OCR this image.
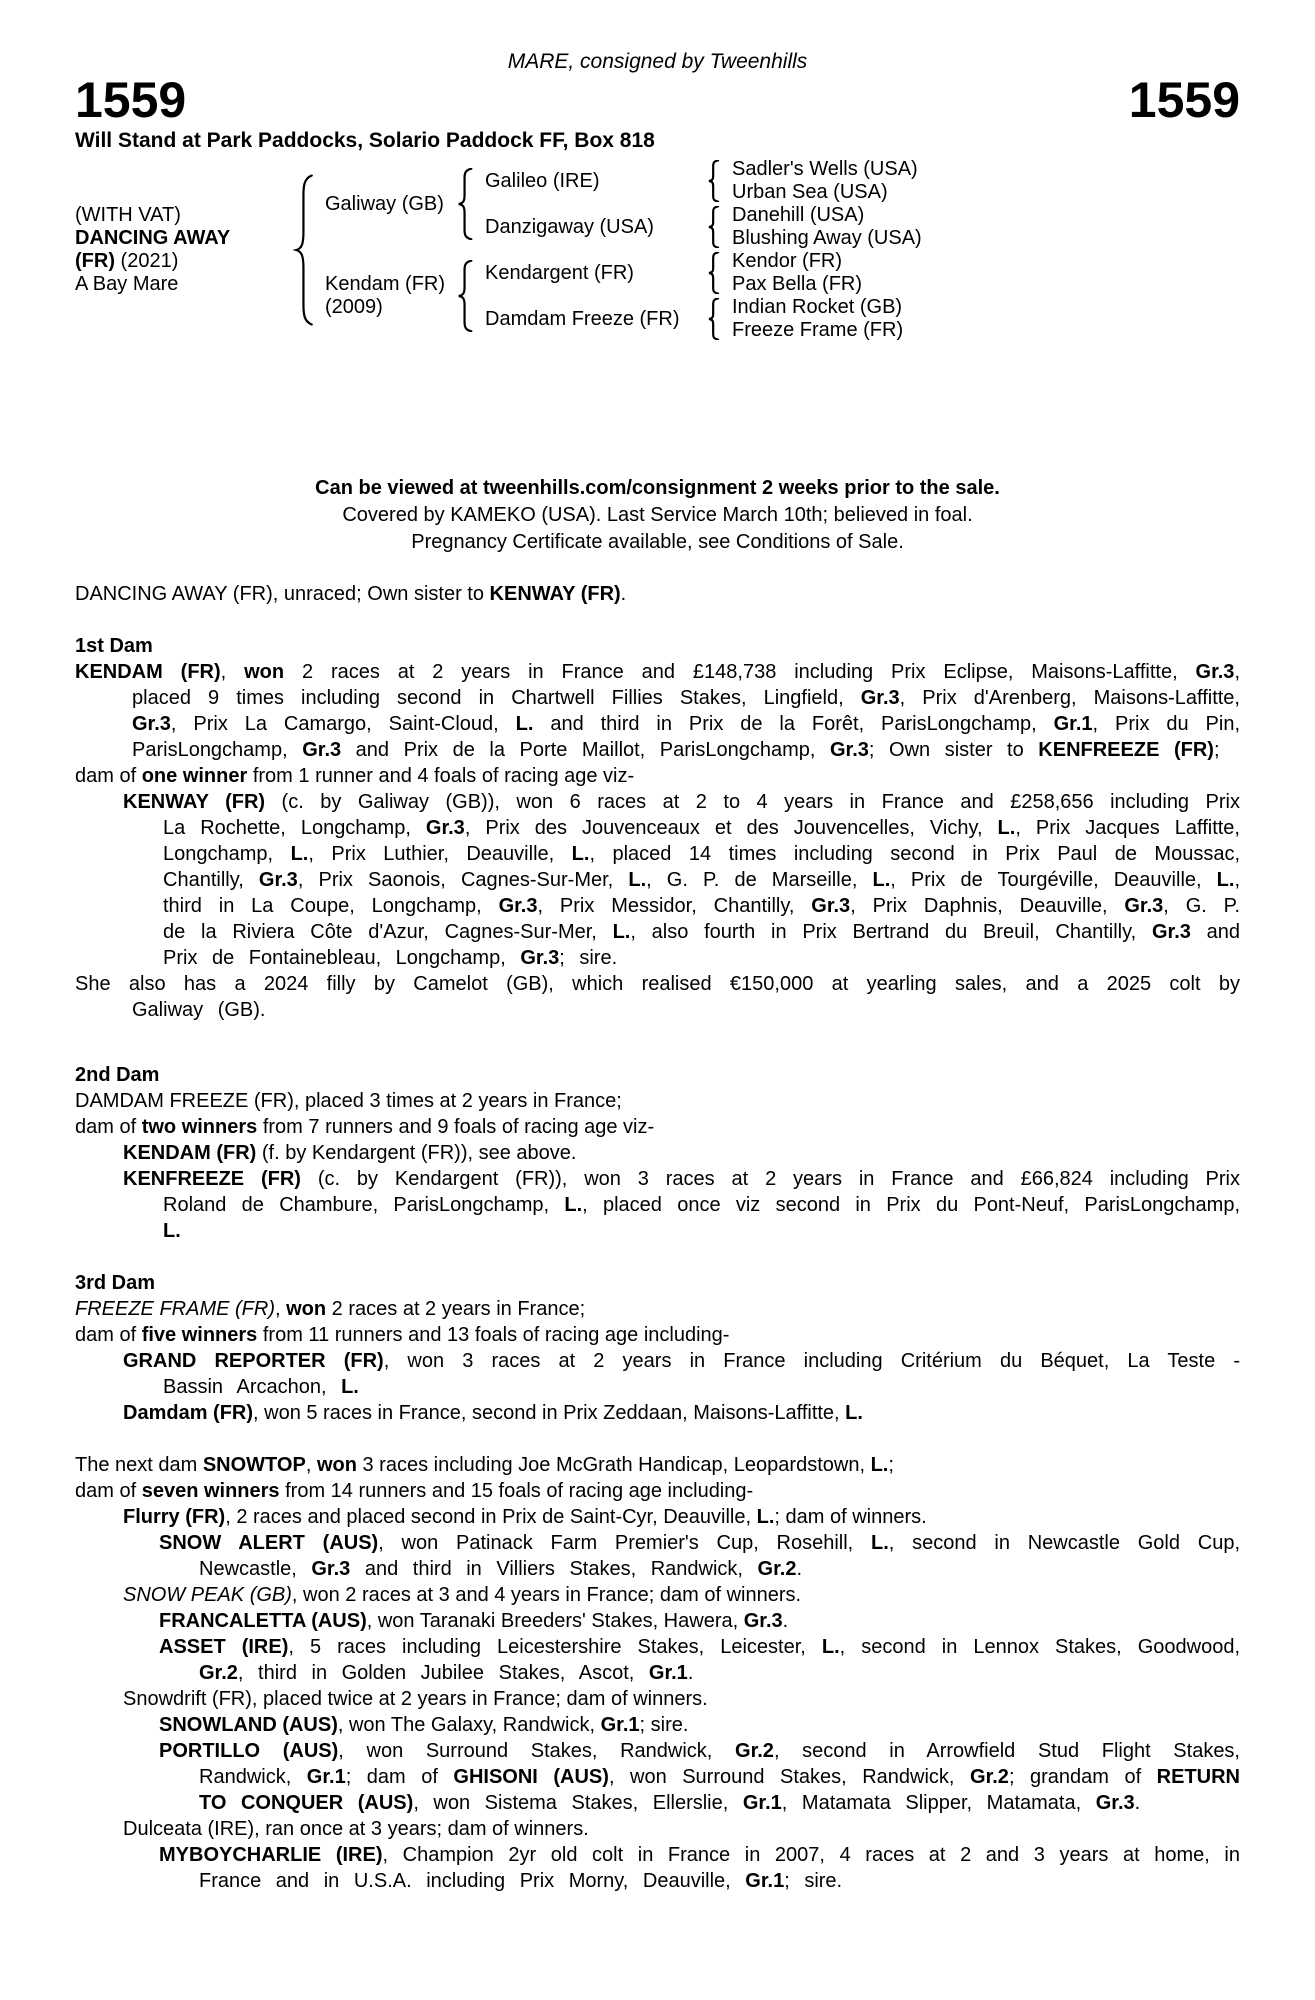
MARE, consigned by Tweenhills
1559	1559
Will Stand at Park Paddocks, Solario Paddock FF, Box 818
(WITH VAT)
DANCING AWAY
(FR) (2021)
A Bay Mare
Galiway (GB)
Kendam (FR)
(2009)
Galileo (IRE)
Danzigaway (USA)
Kendargent (FR)
Damdam Freeze (FR)
Sadler's Wells (USA)
Urban Sea (USA)
Danehill (USA)
Blushing Away (USA)
Kendor (FR)
Pax Bella (FR)
Indian Rocket (GB)
Freeze Frame (FR)
Can be viewed at tweenhills.com/consignment 2 weeks prior to the sale.
Covered by KAMEKO (USA). Last Service March 10th; believed in foal.
Pregnancy Certificate available, see Conditions of Sale.
DANCING AWAY (FR), unraced; Own sister to KENWAY (FR).
1st Dam
KENDAM (FR), won 2 races at 2 years in France and £148,738 including Prix Eclipse, Maisons-Laffitte, Gr.3, placed 9 times including second in Chartwell Fillies Stakes, Lingfield, Gr.3, Prix d'Arenberg, Maisons-Laffitte, Gr.3, Prix La Camargo, Saint-Cloud, L. and third in Prix de la Forêt, ParisLongchamp, Gr.1, Prix du Pin, ParisLongchamp, Gr.3 and Prix de la Porte Maillot, ParisLongchamp, Gr.3; Own sister to KENFREEZE (FR);
dam of one winner from 1 runner and 4 foals of racing age viz-
KENWAY (FR) (c. by Galiway (GB)), won 6 races at 2 to 4 years in France and £258,656 including Prix La Rochette, Longchamp, Gr.3, Prix des Jouvenceaux et des Jouvencelles, Vichy, L., Prix Jacques Laffitte, Longchamp, L., Prix Luthier, Deauville, L., placed 14 times including second in Prix Paul de Moussac, Chantilly, Gr.3, Prix Saonois, Cagnes-Sur-Mer, L., G. P. de Marseille, L., Prix de Tourgéville, Deauville, L., third in La Coupe, Longchamp, Gr.3, Prix Messidor, Chantilly, Gr.3, Prix Daphnis, Deauville, Gr.3, G. P. de la Riviera Côte d'Azur, Cagnes-Sur-Mer, L., also fourth in Prix Bertrand du Breuil, Chantilly, Gr.3 and Prix de Fontainebleau, Longchamp, Gr.3; sire.
She also has a 2024 filly by Camelot (GB), which realised €150,000 at yearling sales, and a 2025 colt by Galiway (GB).
2nd Dam
DAMDAM FREEZE (FR), placed 3 times at 2 years in France;
dam of two winners from 7 runners and 9 foals of racing age viz-
KENDAM (FR) (f. by Kendargent (FR)), see above.
KENFREEZE (FR) (c. by Kendargent (FR)), won 3 races at 2 years in France and £66,824 including Prix Roland de Chambure, ParisLongchamp, L., placed once viz second in Prix du Pont-Neuf, ParisLongchamp, L.
3rd Dam
FREEZE FRAME (FR), won 2 races at 2 years in France;
dam of five winners from 11 runners and 13 foals of racing age including-
GRAND REPORTER (FR), won 3 races at 2 years in France including Critérium du Béquet, La Teste - Bassin Arcachon, L.
Damdam (FR), won 5 races in France, second in Prix Zeddaan, Maisons-Laffitte, L.
The next dam SNOWTOP, won 3 races including Joe McGrath Handicap, Leopardstown, L.;
dam of seven winners from 14 runners and 15 foals of racing age including-
Flurry (FR), 2 races and placed second in Prix de Saint-Cyr, Deauville, L.; dam of winners.
SNOW ALERT (AUS), won Patinack Farm Premier's Cup, Rosehill, L., second in Newcastle Gold Cup, Newcastle, Gr.3 and third in Villiers Stakes, Randwick, Gr.2.
SNOW PEAK (GB), won 2 races at 3 and 4 years in France; dam of winners.
FRANCALETTA (AUS), won Taranaki Breeders' Stakes, Hawera, Gr.3.
ASSET (IRE), 5 races including Leicestershire Stakes, Leicester, L., second in Lennox Stakes, Goodwood, Gr.2, third in Golden Jubilee Stakes, Ascot, Gr.1.
Snowdrift (FR), placed twice at 2 years in France; dam of winners.
SNOWLAND (AUS), won The Galaxy, Randwick, Gr.1; sire.
PORTILLO (AUS), won Surround Stakes, Randwick, Gr.2, second in Arrowfield Stud Flight Stakes, Randwick, Gr.1; dam of GHISONI (AUS), won Surround Stakes, Randwick, Gr.2; grandam of RETURN TO CONQUER (AUS), won Sistema Stakes, Ellerslie, Gr.1, Matamata Slipper, Matamata, Gr.3.
Dulceata (IRE), ran once at 3 years; dam of winners.
MYBOYCHARLIE (IRE), Champion 2yr old colt in France in 2007, 4 races at 2 and 3 years at home, in France and in U.S.A. including Prix Morny, Deauville, Gr.1; sire.
